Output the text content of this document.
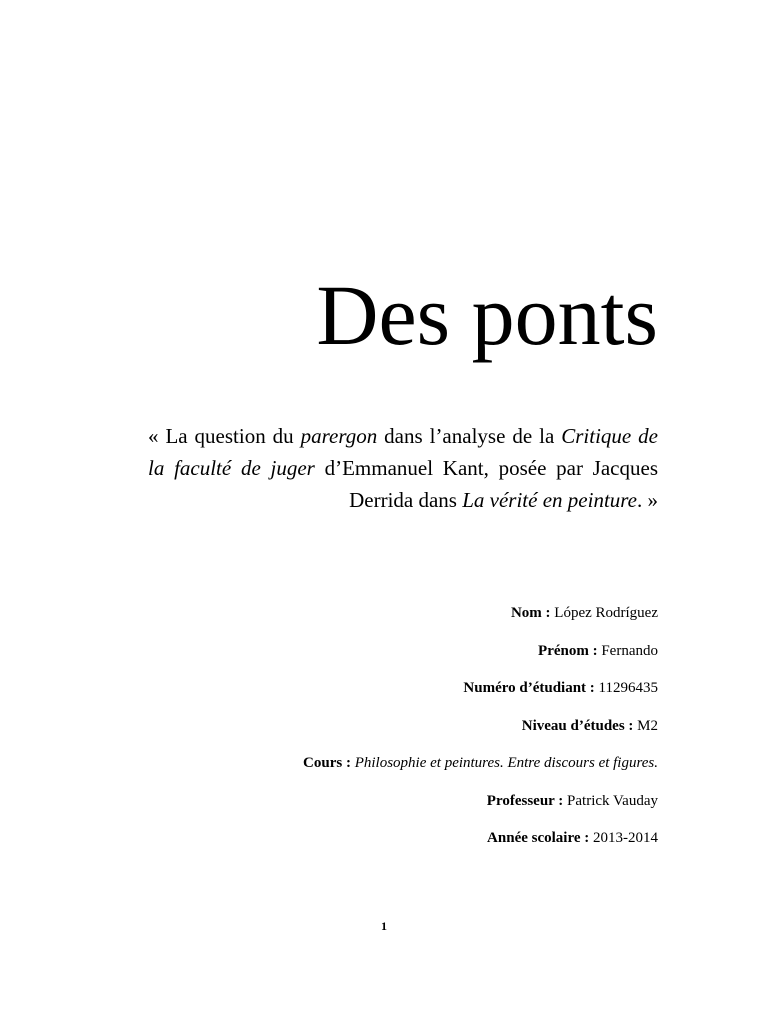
Des ponts
« La question du parergon dans l’analyse de la Critique de la faculté de juger d’Emmanuel Kant, posée par Jacques Derrida dans La vérité en peinture. »
Nom : López Rodríguez
Prénom : Fernando
Numéro d’étudiant : 11296435
Niveau d’études : M2
Cours : Philosophie et peintures. Entre discours et figures.
Professeur : Patrick Vauday
Année scolaire : 2013-2014
1
